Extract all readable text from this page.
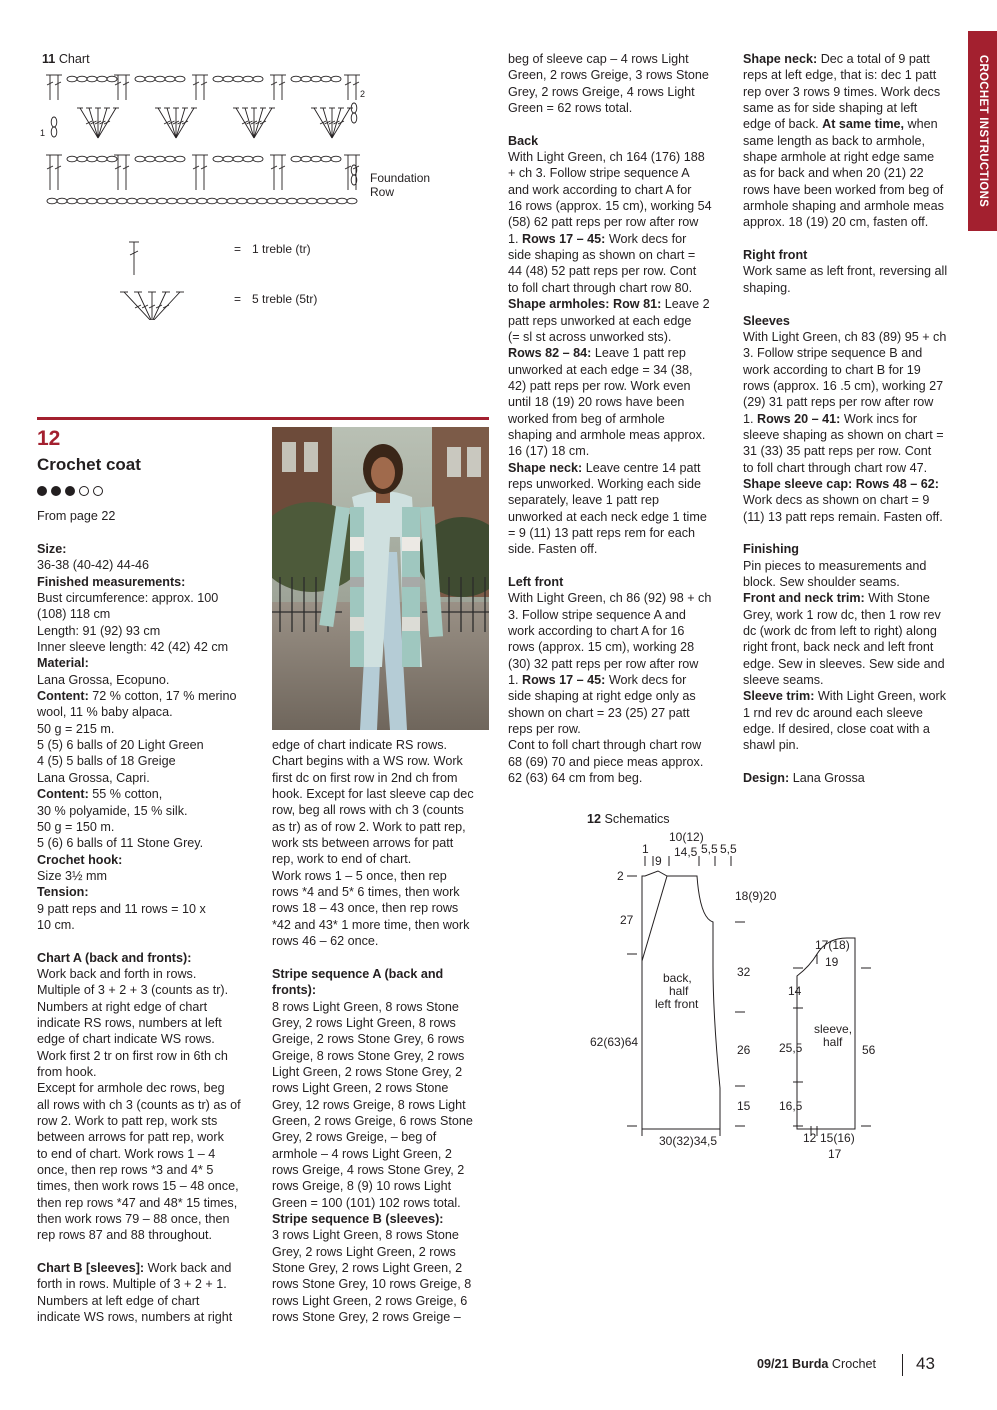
CROCHET INSTRUCTIONS
11 Chart
1
2
Foundation
Row
= 1 treble (tr)
= 5 treble (5tr)
12
Crochet coat
From page 22

Size:

36-38 (40-42) 44-46

Finished measurements:

Bust circumference: approx. 100

(108) 118 cm

Length: 91 (92) 93 cm

Inner sleeve length: 42 (42) 42 cm

Material:

Lana Grossa, Ecopuno.

Content: 72 % cotton, 17 % merino

wool, 11 % baby alpaca.

50 g = 215 m.

5 (5) 6 balls of 20 Light Green

4 (5) 5 balls of 18 Greige

Lana Grossa, Capri.

Content: 55 % cotton,

30 % polyamide, 15 % silk.

50 g = 150 m.

5 (6) 6 balls of 11 Stone Grey.

Crochet hook:

Size 3½ mm

Tension:

9 patt reps and 11 rows = 10 x

10 cm.

Chart A (back and fronts):

Work back and forth in rows.

Multiple of 3 + 2 + 3 (counts as tr).

Numbers at right edge of chart

indicate RS rows, numbers at left

edge of chart indicate WS rows.

Work first 2 tr on first row in 6th ch

from hook.

Except for armhole dec rows, beg

all rows with ch 3 (counts as tr) as of

row 2. Work to patt rep, work sts

between arrows for patt rep, work

to end of chart. Work rows 1 – 4

once, then rep rows *3 and 4* 5

times, then work rows 15 – 48 once,

then rep rows *47 and 48* 15 times,

then work rows 79 – 88 once, then

rep rows 87 and 88 throughout.

Chart B [sleeves]: Work back and

forth in rows. Multiple of 3 + 2 + 1.

Numbers at left edge of chart

indicate WS rows, numbers at right

edge of chart indicate RS rows.

Chart begins with a WS row. Work

first dc on first row in 2nd ch from

hook. Except for last sleeve cap dec

row, beg all rows with ch 3 (counts

as tr) as of row 2. Work to patt rep,

work sts between arrows for patt

rep, work to end of chart.

Work rows 1 – 5 once, then rep

rows *4 and 5* 6 times, then work

rows 18 – 43 once, then rep rows

*42 and 43* 1 more time, then work

rows 46 – 62 once.

Stripe sequence A (back and

fronts):

8 rows Light Green, 8 rows Stone

Grey, 2 rows Light Green, 8 rows

Greige, 2 rows Stone Grey, 6 rows

Greige, 8 rows Stone Grey, 2 rows

Light Green, 2 rows Stone Grey, 2

rows Light Green, 2 rows Stone

Grey, 12 rows Greige, 8 rows Light

Green, 2 rows Greige, 6 rows Stone

Grey, 2 rows Greige, – beg of

armhole – 4 rows Light Green, 2

rows Greige, 4 rows Stone Grey, 2

rows Greige, 8 (9) 10 rows Light

Green = 100 (101) 102 rows total.

Stripe sequence B (sleeves):

3 rows Light Green, 8 rows Stone

Grey, 2 rows Light Green, 2 rows

Stone Grey, 2 rows Light Green, 2

rows Stone Grey, 10 rows Greige, 8

rows Light Green, 2 rows Greige, 6

rows Stone Grey, 2 rows Greige –

beg of sleeve cap – 4 rows Light

Green, 2 rows Greige, 3 rows Stone

Grey, 2 rows Greige, 4 rows Light

Green = 62 rows total.

Back

With Light Green, ch 164 (176) 188

+ ch 3. Follow stripe sequence A

and work according to chart A for

16 rows (approx. 15 cm), working 54

(58) 62 patt reps per row after row

1. Rows 17 – 45: Work decs for

side shaping as shown on chart =

44 (48) 52 patt reps per row. Cont

to foll chart through chart row 80.

Shape armholes: Row 81: Leave 2

patt reps unworked at each edge

(= sl st across unworked sts).

Rows 82 – 84: Leave 1 patt rep

unworked at each edge = 34 (38,

42) patt reps per row. Work even

until 18 (19) 20 rows have been

worked from beg of armhole

shaping and armhole meas approx.

16 (17) 18 cm.

Shape neck: Leave centre 14 patt

reps unworked. Working each side

separately, leave 1 patt rep

unworked at each neck edge 1 time

= 9 (11) 13 patt reps rem for each

side. Fasten off.

Left front

With Light Green, ch 86 (92) 98 + ch

3. Follow stripe sequence A and

work according to chart A for 16

rows (approx. 15 cm), working 28

(30) 32 patt reps per row after row

1. Rows 17 – 45: Work decs for

side shaping at right edge only as

shown on chart = 23 (25) 27 patt

reps per row.

Cont to foll chart through chart row

68 (69) 70 and piece meas approx.

62 (63) 64 cm from beg.

Shape neck: Dec a total of 9 patt

reps at left edge, that is: dec 1 patt

rep over 3 rows 9 times. Work decs

same as for side shaping at left

edge of back. At same time, when

same length as back to armhole,

shape armhole at right edge same

as for back and when 20 (21) 22

rows have been worked from beg of

armhole shaping and armhole meas

approx. 18 (19) 20 cm, fasten off.

Right front

Work same as left front, reversing all

shaping.

Sleeves

With Light Green, ch 83 (89) 95 + ch

3. Follow stripe sequence B and

work according to chart B for 19

rows (approx. 16 .5 cm), working 27

(29) 31 patt reps per row after row

1. Rows 20 – 41: Work incs for

sleeve shaping as shown on chart =

31 (33) 35 patt reps per row. Cont

to foll chart through chart row 47.

Shape sleeve cap: Rows 48 – 62:

Work decs as shown on chart = 9

(11) 13 patt reps remain. Fasten off.

Finishing

Pin pieces to measurements and

block. Sew shoulder seams.

Front and neck trim: With Stone

Grey, work 1 row dc, then 1 row rev

dc (work dc from left to right) along

right front, back neck and left front

edge. Sew in sleeves. Sew side and

sleeve seams.

Sleeve trim: With Light Green, work

1 rnd rev dc around each sleeve

edge. If desired, close coat with a

shawl pin.

Design: Lana Grossa

12 Schematics
1
9
10(12)
14,5 5,5 5,5
2
27
18(9)20
32
26
15
62(63)64
30(32)34,5
back,
half
left front
17(18)
19
14
25,5
16,5
56
sleeve,
half
12 15(16)
17
09/21 Burda Crochet 43
